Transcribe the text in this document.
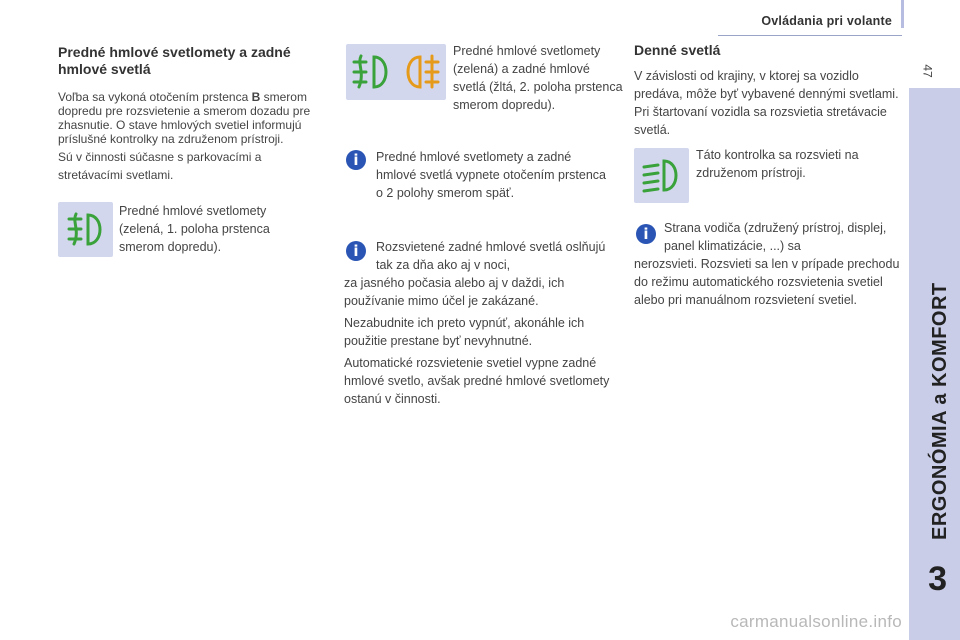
Ovládania pri volante
47
ERGONÓMIA a KOMFORT
3
Predné hmlové svetlomety a zadné hmlové svetlá

Voľba sa vykoná otočením prstenca B smerom dopredu pre rozsvietenie a smerom dozadu pre zhasnutie. O stave hmlových svetiel informujú príslušné kontrolky na združenom prístroji.

Sú v činnosti súčasne s parkovacími a stretávacími svetlami.

Predné hmlové svetlomety (zelená, 1. poloha prstenca smerom dopredu).

Predné hmlové svetlomety (zelená) a zadné hmlové svetlá (žltá, 2. poloha prstenca smerom dopredu).

i	Predné hmlové svetlomety a zadné hmlové svetlá vypnete otočením prstenca o 2 polohy smerom späť.

i	Rozsvietené zadné hmlové svetlá oslňujú tak za dňa ako aj v noci,

za jasného počasia alebo aj v daždi, ich používanie mimo účel je zakázané.

Nezabudnite ich preto vypnúť, akonáhle ich použitie prestane byť nevyhnutné.

Automatické rozsvietenie svetiel vypne zadné hmlové svetlo, avšak predné hmlové svetlomety ostanú v činnosti.

Denné svetlá

V závislosti od krajiny, v ktorej sa vozidlo predáva, môže byť vybavené dennými svetlami. Pri štartovaní vozidla sa rozsvietia stretávacie svetlá.

Táto kontrolka sa rozsvieti na združenom prístroji.

i	Strana vodiča (združený prístroj, displej, panel klimatizácie, ...) sa

nerozsvieti. Rozsvieti sa len v prípade prechodu do režimu automatického rozsvietenia svetiel alebo pri manuálnom rozsvietení svetiel.

carmanualsonline.info
